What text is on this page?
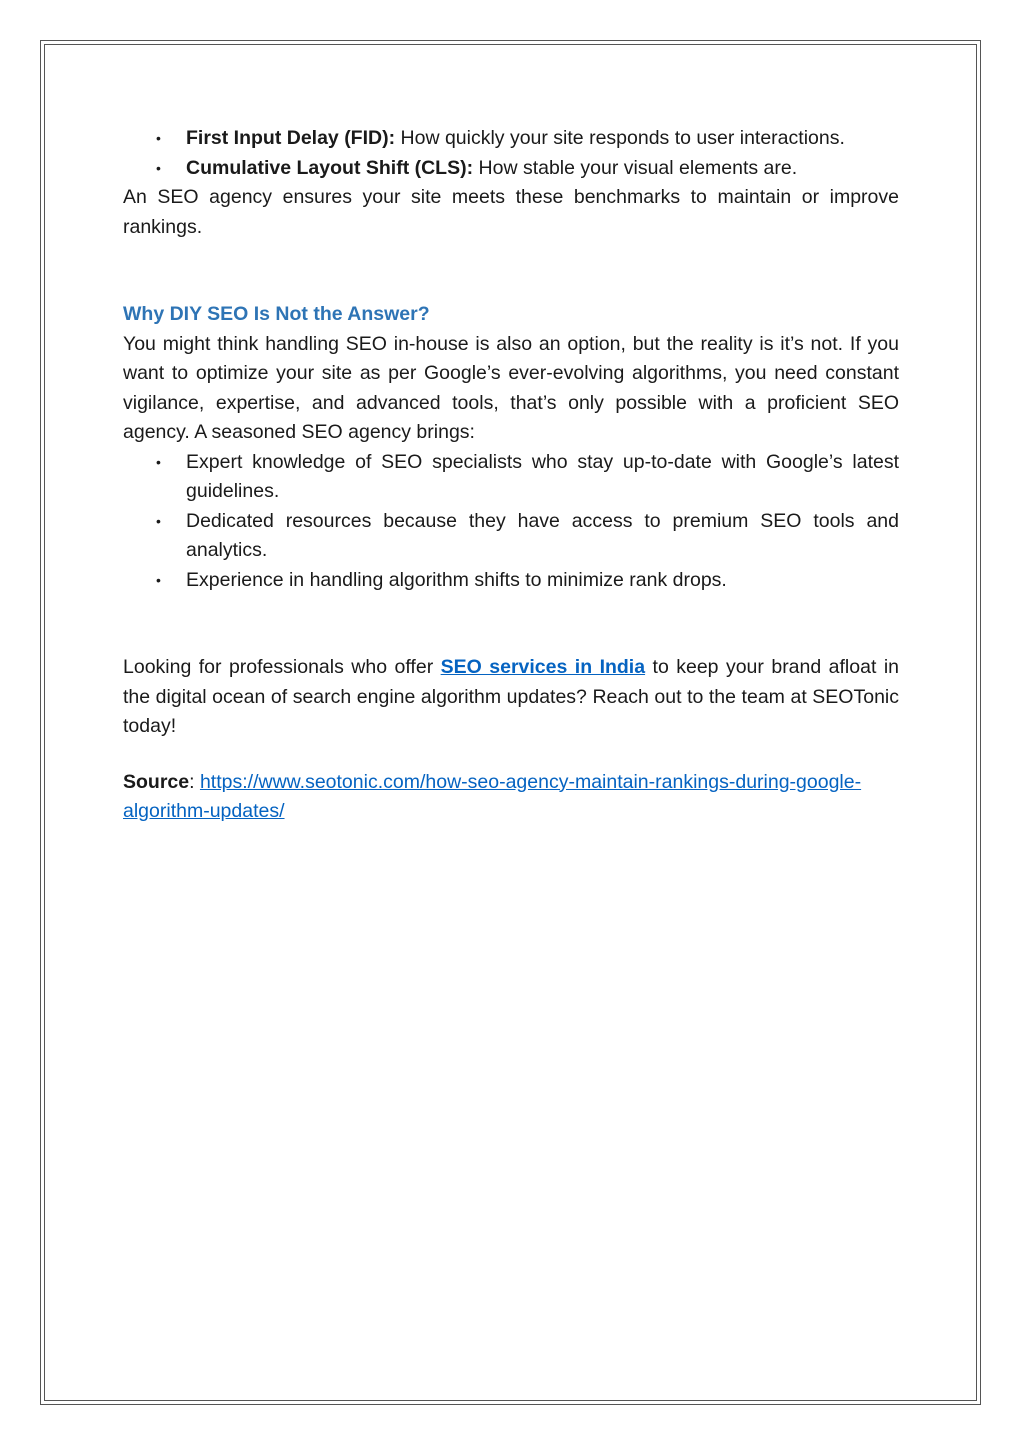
• First Input Delay (FID): How quickly your site responds to user interactions.
• Cumulative Layout Shift (CLS): How stable your visual elements are.

An SEO agency ensures your site meets these benchmarks to maintain or improve rankings.

Why DIY SEO Is Not the Answer?

You might think handling SEO in-house is also an option, but the reality is it’s not. If you want to optimize your site as per Google’s ever-evolving algorithms, you need constant vigilance, expertise, and advanced tools, that’s only possible with a proficient SEO agency. A seasoned SEO agency brings:

• Expert knowledge of SEO specialists who stay up-to-date with Google’s latest guidelines.
• Dedicated resources because they have access to premium SEO tools and analytics.
• Experience in handling algorithm shifts to minimize rank drops.

Looking for professionals who offer SEO services in India to keep your brand afloat in the digital ocean of search engine algorithm updates? Reach out to the team at SEOTonic today!

Source: https://www.seotonic.com/how-seo-agency-maintain-rankings-during-google-algorithm-updates/
